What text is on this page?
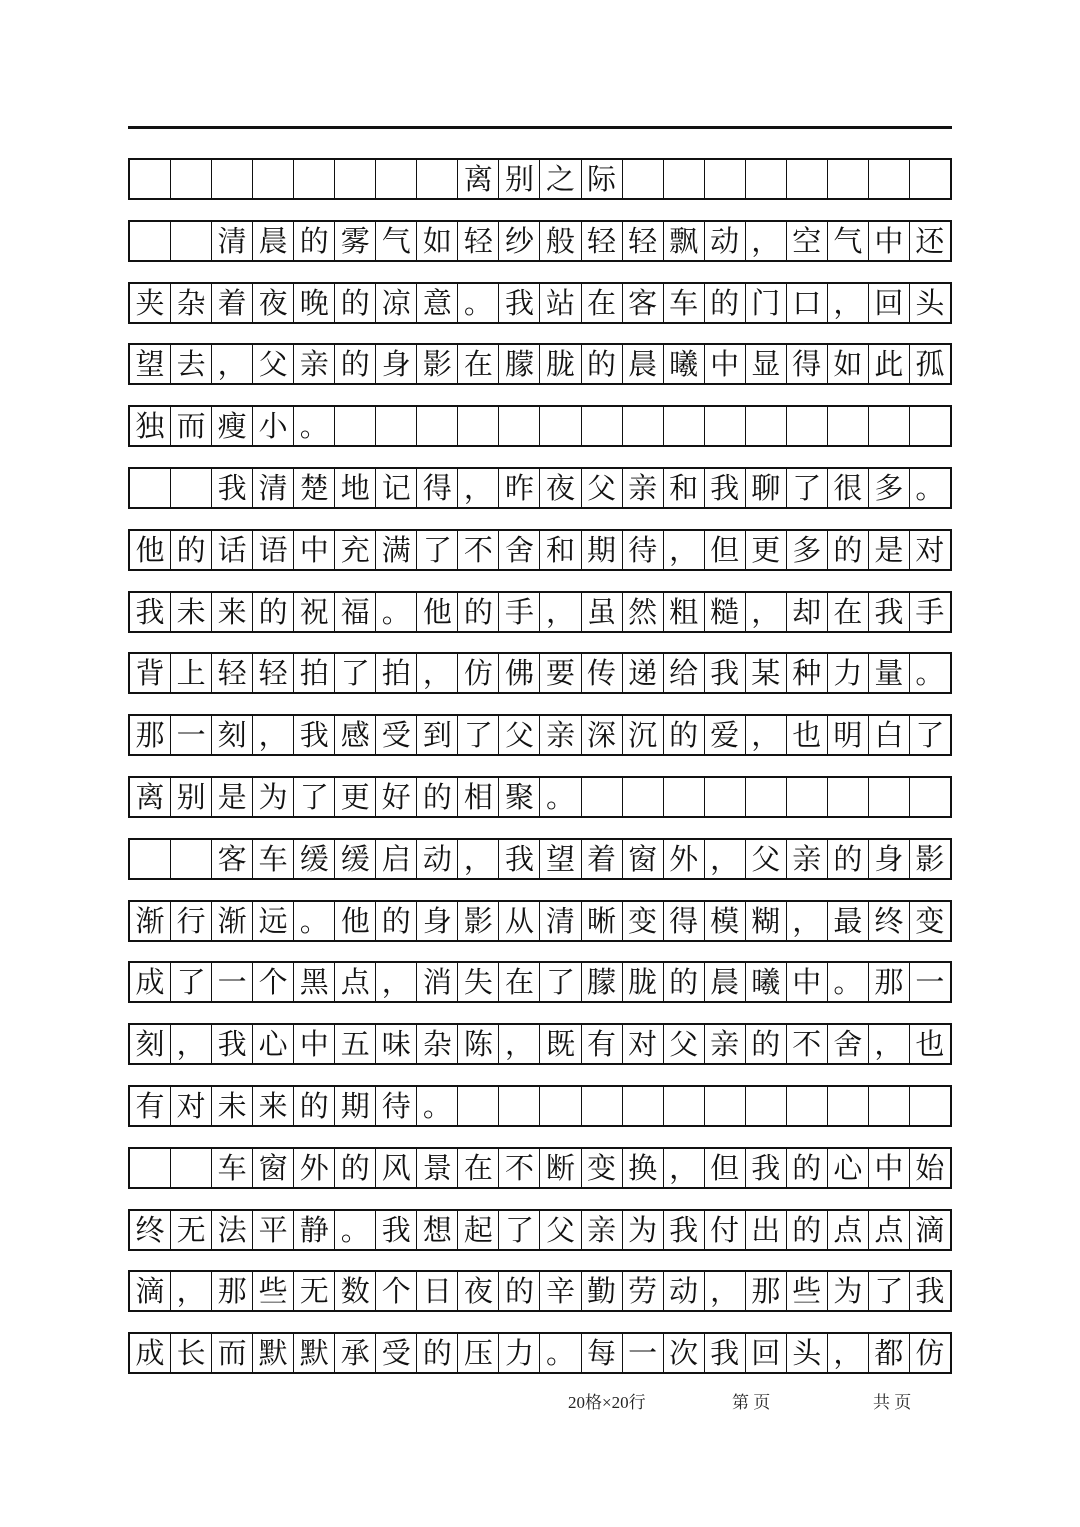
离 别 之 际
清 晨 的 雾 气 如 轻 纱 般 轻 轻 飘 动 ， 空 气 中 还
夹 杂 着 夜 晚 的 凉 意 。 我 站 在 客 车 的 门 口 ， 回 头
望 去 ， 父 亲 的 身 影 在 朦 胧 的 晨 曦 中 显 得 如 此 孤
独 而 瘦 小 。
我 清 楚 地 记 得 ， 昨 夜 父 亲 和 我 聊 了 很 多 。
他 的 话 语 中 充 满 了 不 舍 和 期 待 ， 但 更 多 的 是 对
我 未 来 的 祝 福 。 他 的 手 ， 虽 然 粗 糙 ， 却 在 我 手
背 上 轻 轻 拍 了 拍 ， 仿 佛 要 传 递 给 我 某 种 力 量 。
那 一 刻 ， 我 感 受 到 了 父 亲 深 沉 的 爱 ， 也 明 白 了
离 别 是 为 了 更 好 的 相 聚 。
客 车 缓 缓 启 动 ， 我 望 着 窗 外 ， 父 亲 的 身 影
渐 行 渐 远 。 他 的 身 影 从 清 晰 变 得 模 糊 ， 最 终 变
成 了 一 个 黑 点 ， 消 失 在 了 朦 胧 的 晨 曦 中 。 那 一
刻 ， 我 心 中 五 味 杂 陈 ， 既 有 对 父 亲 的 不 舍 ， 也
有 对 未 来 的 期 待 。
车 窗 外 的 风 景 在 不 断 变 换 ， 但 我 的 心 中 始
终 无 法 平 静 。 我 想 起 了 父 亲 为 我 付 出 的 点 点 滴
滴 ， 那 些 无 数 个 日 夜 的 辛 勤 劳 动 ， 那 些 为 了 我
成 长 而 默 默 承 受 的 压 力 。 每 一 次 我 回 头 ， 都 仿
20格×20行	第 页	共 页
